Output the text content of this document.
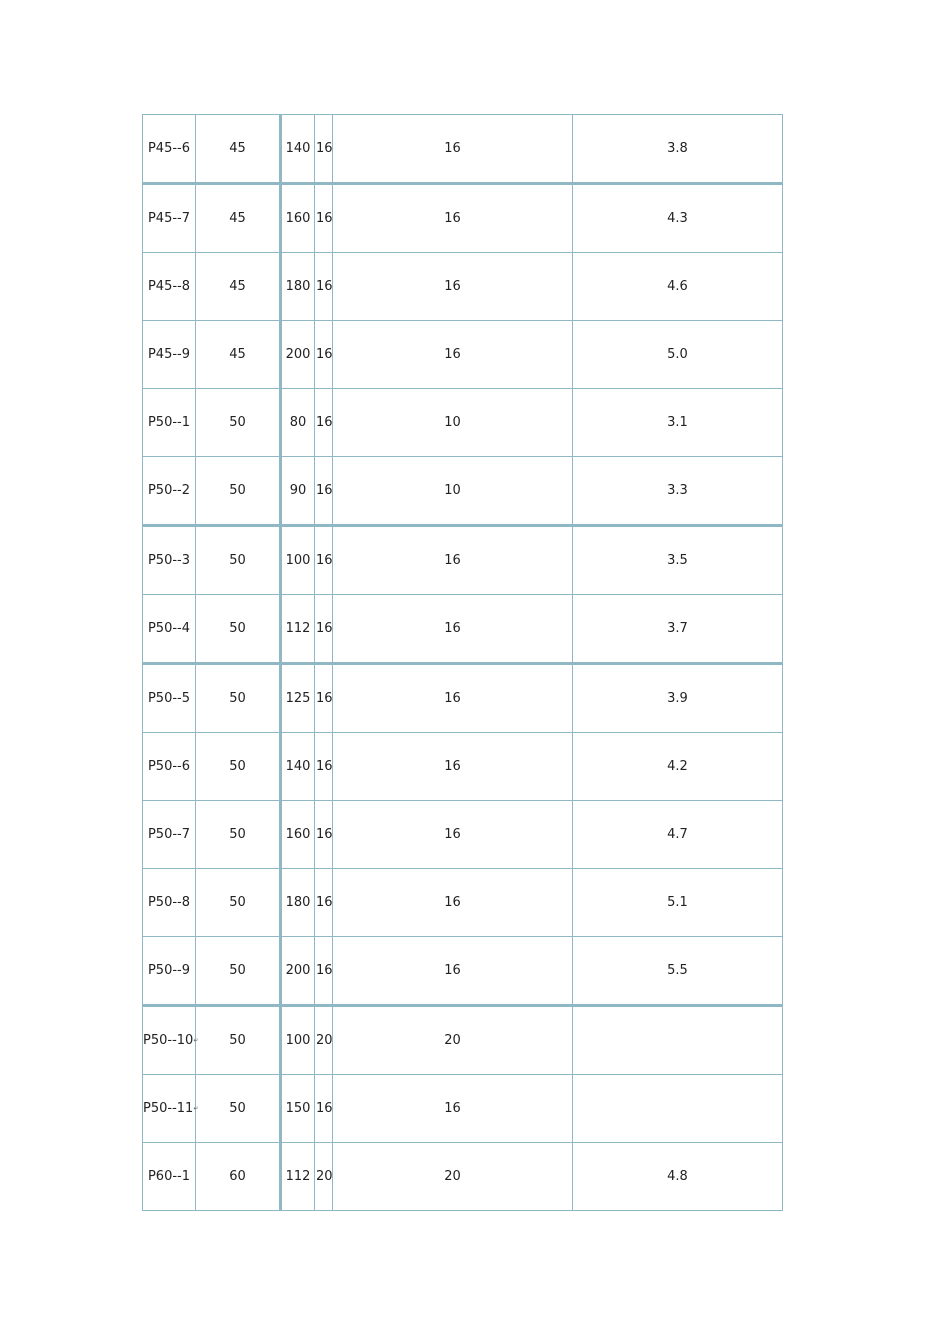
P45--6	45	140	16	16	3.8
P45--7	45	160	16	16	4.3
P45--8	45	180	16	16	4.6
P45--9	45	200	16	16	5.0
P50--1	50	80	16	10	3.1
P50--2	50	90	16	10	3.3
P50--3	50	100	16	16	3.5
P50--4	50	112	16	16	3.7
P50--5	50	125	16	16	3.9
P50--6	50	140	16	16	4.2
P50--7	50	160	16	16	4.7
P50--8	50	180	16	16	5.1
P50--9	50	200	16	16	5.5
P50--10↵	50	100	20	20	
P50--11↵	50	150	16	16	
P60--1	60	112	20	20	4.8
